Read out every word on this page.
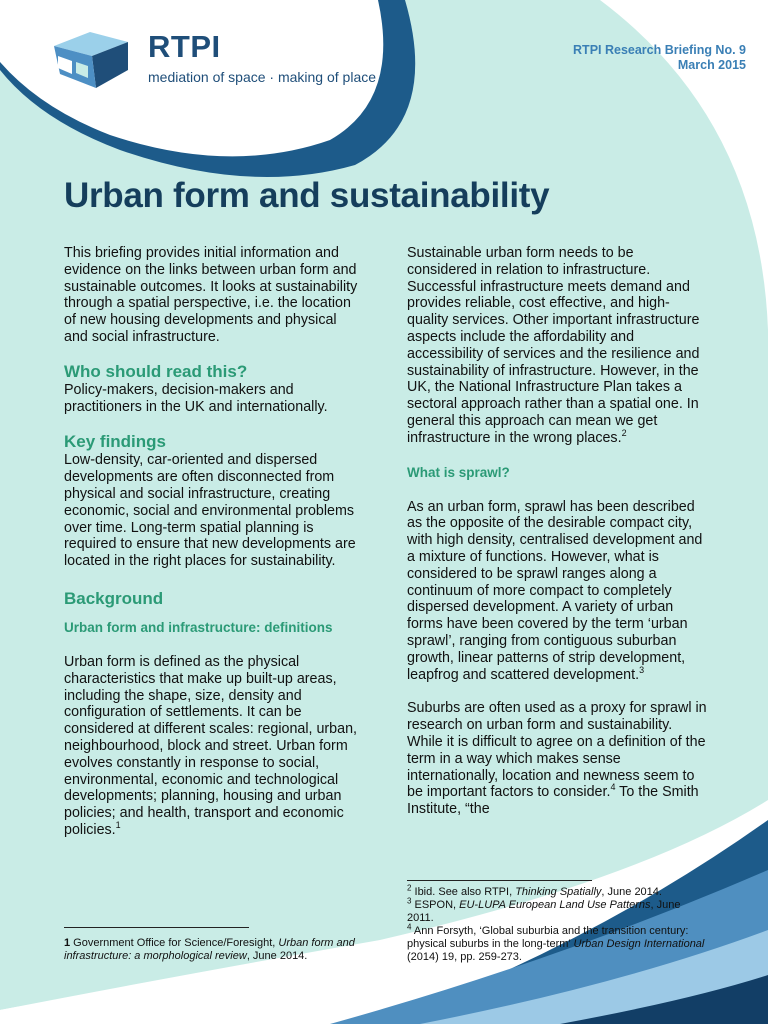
RTPI
mediation of space · making of place
RTPI Research Briefing No. 9
March 2015
Urban form and sustainability

This briefing provides initial information and evidence on the links between urban form and sustainable outcomes. It looks at sustainability through a spatial perspective, i.e. the location of new housing developments and physical and social infrastructure.

Who should read this?

Policy-makers, decision-makers and practitioners in the UK and internationally.

Key findings

Low-density, car-oriented and dispersed developments are often disconnected from physical and social infrastructure, creating economic, social and environmental problems over time. Long-term spatial planning is required to ensure that new developments are located in the right places for sustainability.

Background
Urban form and infrastructure: definitions

Urban form is defined as the physical characteristics that make up built-up areas, including the shape, size, density and configuration of settlements. It can be considered at different scales: regional, urban, neighbourhood, block and street. Urban form evolves constantly in response to social, environmental, economic and technological developments; planning, housing and urban policies; and health, transport and economic policies.$^1$

Sustainable urban form needs to be considered in relation to infrastructure. Successful infrastructure meets demand and provides reliable, cost effective, and high-quality services. Other important infrastructure aspects include the affordability and accessibility of services and the resilience and sustainability of infrastructure. However, in the UK, the National Infrastructure Plan takes a sectoral approach rather than a spatial one. In general this approach can mean we get infrastructure in the wrong places.$^2$

What is sprawl?

As an urban form, sprawl has been described as the opposite of the desirable compact city, with high density, centralised development and a mixture of functions. However, what is considered to be sprawl ranges along a continuum of more compact to completely dispersed development. A variety of urban forms have been covered by the term ‘urban sprawl’, ranging from contiguous suburban growth, linear patterns of strip development, leapfrog and scattered development.$^3$

Suburbs are often used as a proxy for sprawl in research on urban form and sustainability. While it is difficult to agree on a definition of the term in a way which makes sense internationally, location and newness seem to be important factors to consider.$^4$ To the Smith Institute, “the

1 Government Office for Science/Foresight, Urban form and infrastructure: a morphological review, June 2014.

$^2$ Ibid. See also RTPI, Thinking Spatially, June 2014.

$^3$ ESPON, EU-LUPA European Land Use Patterns, June 2011.

$^4$ Ann Forsyth, ‘Global suburbia and the transition century: physical suburbs in the long-term’ Urban Design International (2014) 19, pp. 259-273.
